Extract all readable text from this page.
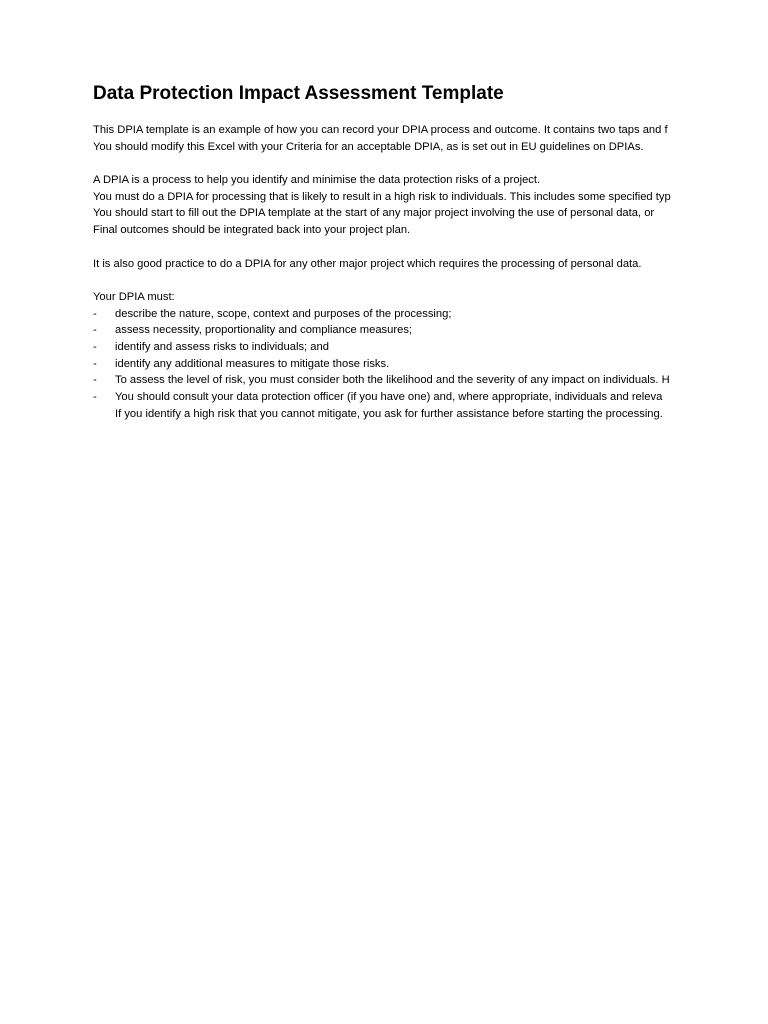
Data Protection Impact Assessment Template
This DPIA template is an example of how you can record your DPIA process and outcome. It contains two taps and f
You should modify this Excel with your Criteria for an acceptable DPIA, as is set out in EU guidelines on DPIAs.
A DPIA is a process to help you identify and minimise the data protection risks of a project.
You must do a DPIA for processing that is likely to result in a high risk to individuals. This includes some specified typ
You should start to fill out the DPIA template at the start of any major project involving the use of personal data, or
Final outcomes should be integrated back into your project plan.
It is also good practice to do a DPIA for any other major project which requires the processing of personal data.
Your DPIA must:
-	describe the nature, scope, context and purposes of the processing;
-	assess necessity, proportionality and compliance measures;
-	identify and assess risks to individuals; and
-	identify any additional measures to mitigate those risks.
-	To assess the level of risk, you must consider both the likelihood and the severity of any impact on individuals. H
-	You should consult your data protection officer (if you have one) and, where appropriate, individuals and releva
If you identify a high risk that you cannot mitigate, you ask for further assistance before starting the processing.
